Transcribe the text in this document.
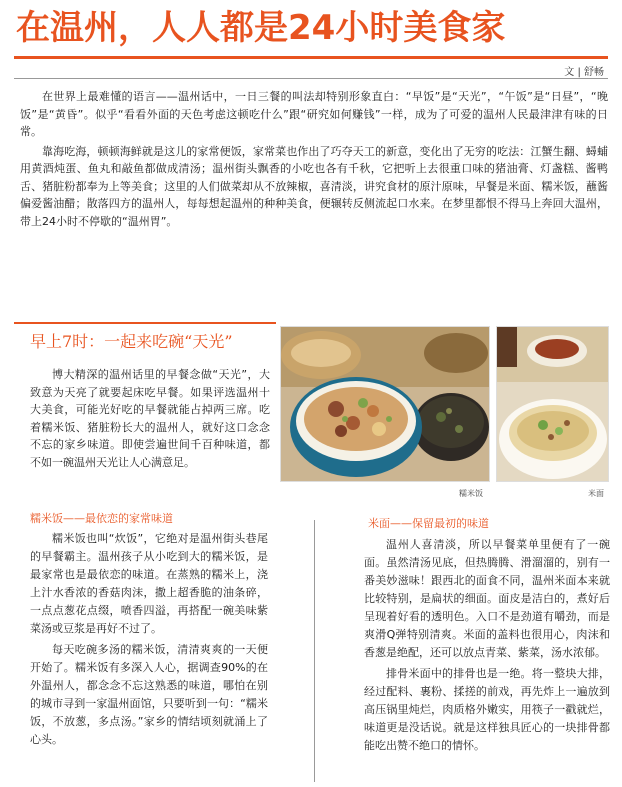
在温州，人人都是24小时美食家
文 | 舒畅

在世界上最难懂的语言——温州话中，一日三餐的叫法却特别形象直白：“早饭”是“天光”，“午饭”是“日昼”，“晚饭”是“黄昏”。似乎“看看外面的天色考虑这顿吃什么”跟“研究如何赚钱”一样，成为了可爱的温州人民最津津有味的日常。

靠海吃海，顿顿海鲜就是这儿的家常便饭，家常菜也作出了巧夺天工的新意，变化出了无穷的吃法：江蟹生翻、蟳蜅用黄酒炖蛋、鱼丸和敲鱼都做成清汤；温州街头飘香的小吃也各有千秋，它把听上去很重口味的猪油膏、灯盏糕、酱鸭舌、猪脏粉都奉为上等美食；这里的人们做菜却从不放辣椒，喜清淡，讲究食材的原汁原味，早餐是米面、糯米饭，蘸酱偏爱酱油醋；散落四方的温州人，每每想起温州的种种美食，便辗转反侧流起口水来。在梦里都恨不得马上奔回大温州，带上24小时不停歇的“温州胃”。

早上7时：一起来吃碗“天光”

博大精深的温州话里的早餐念做“天光”，大致意为天亮了就要起床吃早餐。如果评选温州十大美食，可能光好吃的早餐就能占掉两三席。吃着糯米饭、猪脏粉长大的温州人，就好这口念念不忘的家乡味道。即使尝遍世间千百种味道，都不如一碗温州天光让人心满意足。

糯米饭	米面
糯米饭——最依恋的家常味道	米面——保留最初的味道

糯米饭也叫“炊饭”，它绝对是温州街头巷尾的早餐霸主。温州孩子从小吃到大的糯米饭，是最家常也是最依恋的味道。在蒸熟的糯米上，浇上汁水香浓的香菇肉沫，撒上超香脆的油条碎，一点点葱花点缀，喷香四溢，再搭配一碗美味紫菜汤或豆浆是再好不过了。

每天吃碗多汤的糯米饭，清清爽爽的一天便开始了。糯米饭有多深入人心，据调查90%的在外温州人，都念念不忘这熟悉的味道，哪怕在别的城市寻到一家温州面馆，只要听到一句：“糯米饭，不放葱，多点汤。”家乡的情结顷刻就涌上了心头。

温州人喜清淡，所以早餐菜单里便有了一碗面。虽然清汤见底，但热腾腾、滑溜溜的，别有一番美妙滋味！跟西北的面食不同，温州米面本来就比较特别，是扁状的细面。面皮是洁白的，煮好后呈现着好看的透明色。入口不是劲道有嚼劲，而是爽滑Q弹特别清爽。米面的盖料也很用心，肉沫和香葱是绝配，还可以放点青菜、紫菜，汤水浓郁。

排骨米面中的排骨也是一绝。将一整块大排，经过配料、裹粉、揉搓的前戏，再先炸上一遍放到高压锅里炖烂，肉质格外嫩实，用筷子一戳就烂，味道更是没话说。就是这样独具匠心的一块排骨都能吃出赞不绝口的情怀。
